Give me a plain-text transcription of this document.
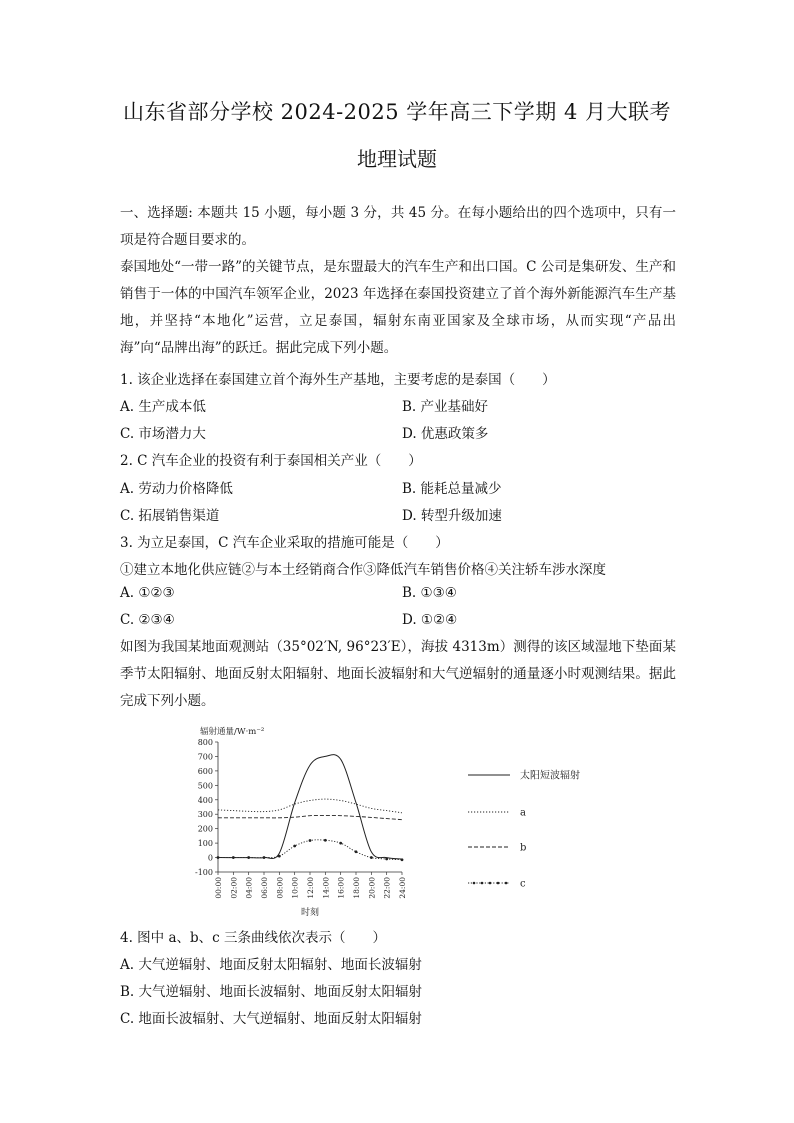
山东省部分学校 2024-2025 学年高三下学期 4 月大联考
地理试题
一、选择题: 本题共 15 小题，每小题 3 分，共 45 分。在每小题给出的四个选项中，只有一项是符合题目要求的。
泰国地处“一带一路”的关键节点，是东盟最大的汽车生产和出口国。C 公司是集研发、生产和销售于一体的中国汽车领军企业，2023 年选择在泰国投资建立了首个海外新能源汽车生产基地，并坚持“本地化”运营，立足泰国，辐射东南亚国家及全球市场，从而实现“产品出海”向“品牌出海”的跃迁。据此完成下列小题。
1. 该企业选择在泰国建立首个海外生产基地，主要考虑的是泰国（　　）
A. 生产成本低	B. 产业基础好
C. 市场潜力大	D. 优惠政策多
2. C 汽车企业的投资有利于泰国相关产业（　　）
A. 劳动力价格降低	B. 能耗总量减少
C. 拓展销售渠道	D. 转型升级加速
3. 为立足泰国，C 汽车企业采取的措施可能是（　　）
①建立本地化供应链②与本土经销商合作③降低汽车销售价格④关注轿车涉水深度
A. ①②③	B. ①③④
C. ②③④	D. ①②④
如图为我国某地面观测站（35°02′N, 96°23′E），海拔 4313m）测得的该区域湿地下垫面某季节太阳辐射、地面反射太阳辐射、地面长波辐射和大气逆辐射的通量逐小时观测结果。据此完成下列小题。
辐射通量/W·m⁻²
-100
0
100
200
300
400
500
600
700
800
00:00 02:00 04:00 06:00 08:00 10:00 12:00 14:00 16:00 18:00 20:00 22:00 24:00
时刻
太阳短波辐射
a
b
c
4. 图中 a、b、c 三条曲线依次表示（　　）
A. 大气逆辐射、地面反射太阳辐射、地面长波辐射
B. 大气逆辐射、地面长波辐射、地面反射太阳辐射
C. 地面长波辐射、大气逆辐射、地面反射太阳辐射
